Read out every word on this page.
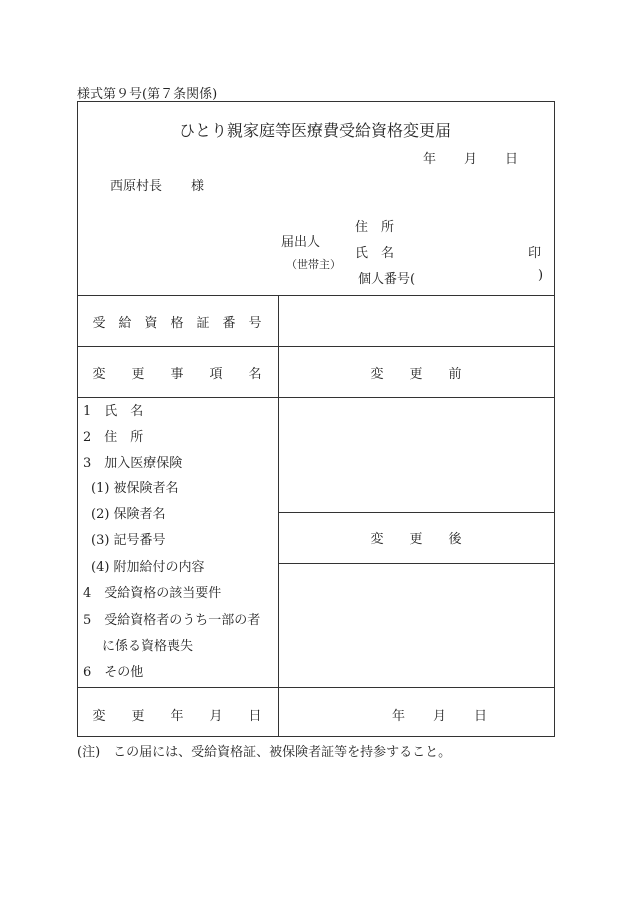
様式第９号(第７条関係)
ひとり親家庭等医療費受給資格変更届
年 月 日
西原村長 様
届出人
（世帯主）
住　所
氏　名	印
個人番号(	)
受　給　資　格　証　番　号
変　　更　　事　　項　　名	変　　更　　前
変　　更　　後
1　氏　名
2　住　所
3　加入医療保険
(1) 被保険者名
(2) 保険者名
(3) 記号番号
(4) 附加給付の内容
4　受給資格の該当要件
5　受給資格者のうち一部の者
に係る資格喪失
6　その他
変　　更　　年　　月　　日	年 月 日
(注)　この届には、受給資格証、被保険者証等を持参すること。
